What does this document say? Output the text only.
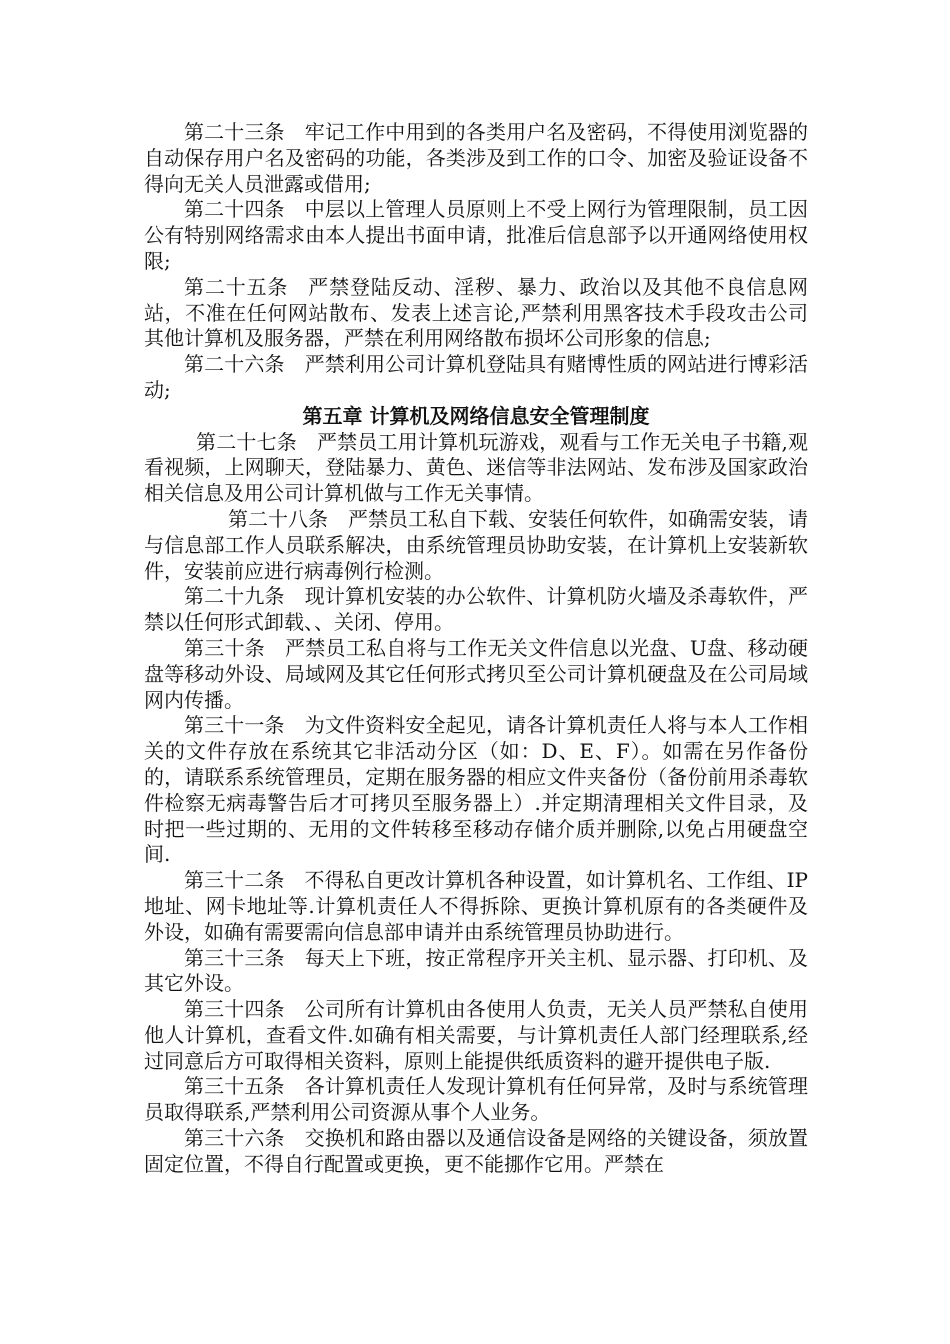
第二十三条 牢记工作中用到的各类用户名及密码，不得使用浏览器的自动保存用户名及密码的功能，各类涉及到工作的口令、加密及验证设备不得向无关人员泄露或借用;

第二十四条 中层以上管理人员原则上不受上网行为管理限制，员工因公有特别网络需求由本人提出书面申请，批准后信息部予以开通网络使用权限;

第二十五条 严禁登陆反动、淫秽、暴力、政治以及其他不良信息网站，不准在任何网站散布、发表上述言论,严禁利用黑客技术手段攻击公司其他计算机及服务器，严禁在利用网络散布损坏公司形象的信息;

第二十六条 严禁利用公司计算机登陆具有赌博性质的网站进行博彩活动;

第五章 计算机及网络信息安全管理制度

第二十七条 严禁员工用计算机玩游戏，观看与工作无关电子书籍,观看视频，上网聊天，登陆暴力、黄色、迷信等非法网站、发布涉及国家政治相关信息及用公司计算机做与工作无关事情。

第二十八条 严禁员工私自下载、安装任何软件，如确需安装，请与信息部工作人员联系解决，由系统管理员协助安装，在计算机上安装新软件，安装前应进行病毒例行检测。

第二十九条 现计算机安装的办公软件、计算机防火墙及杀毒软件，严禁以任何形式卸载、、关闭、停用。

第三十条 严禁员工私自将与工作无关文件信息以光盘、U盘、移动硬盘等移动外设、局域网及其它任何形式拷贝至公司计算机硬盘及在公司局域网内传播。

第三十一条 为文件资料安全起见，请各计算机责任人将与本人工作相关的文件存放在系统其它非活动分区（如：D、E、F）。如需在另作备份的，请联系系统管理员，定期在服务器的相应文件夹备份（备份前用杀毒软件检察无病毒警告后才可拷贝至服务器上）.并定期清理相关文件目录，及时把一些过期的、无用的文件转移至移动存储介质并删除,以免占用硬盘空间.

第三十二条 不得私自更改计算机各种设置，如计算机名、工作组、IP地址、网卡地址等.计算机责任人不得拆除、更换计算机原有的各类硬件及外设，如确有需要需向信息部申请并由系统管理员协助进行。

第三十三条 每天上下班，按正常程序开关主机、显示器、打印机、及其它外设。

第三十四条 公司所有计算机由各使用人负责，无关人员严禁私自使用他人计算机，查看文件.如确有相关需要，与计算机责任人部门经理联系,经过同意后方可取得相关资料，原则上能提供纸质资料的避开提供电子版.

第三十五条 各计算机责任人发现计算机有任何异常，及时与系统管理员取得联系,严禁利用公司资源从事个人业务。

第三十六条 交换机和路由器以及通信设备是网络的关键设备，须放置固定位置，不得自行配置或更换，更不能挪作它用。严禁在
